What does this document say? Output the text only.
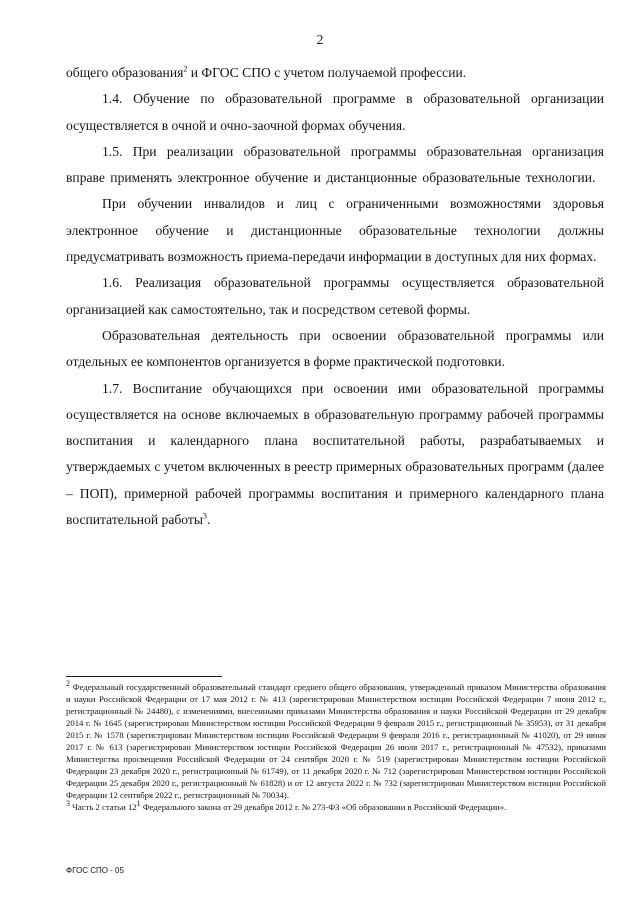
2

общего образования$^2$ и ФГОС СПО с учетом получаемой профессии.

1.4. Обучение по образовательной программе в образовательной организации осуществляется в очной и очно-заочной формах обучения.

1.5. При реализации образовательной программы образовательная организация вправе применять электронное обучение и дистанционные образовательные технологии.

При обучении инвалидов и лиц с ограниченными возможностями здоровья электронное обучение и дистанционные образовательные технологии должны предусматривать возможность приема-передачи информации в доступных для них формах.

1.6. Реализация образовательной программы осуществляется образовательной организацией как самостоятельно, так и посредством сетевой формы.

Образовательная деятельность при освоении образовательной программы или отдельных ее компонентов организуется в форме практической подготовки.

1.7. Воспитание обучающихся при освоении ими образовательной программы осуществляется на основе включаемых в образовательную программу рабочей программы воспитания и календарного плана воспитательной работы, разрабатываемых и утверждаемых с учетом включенных в реестр примерных образовательных программ (далее – ПОП), примерной рабочей программы воспитания и примерного календарного плана воспитательной работы$^3$.

$^2$ Федеральный государственный образовательный стандарт среднего общего образования, утвержденный приказом Министерства образования и науки Российской Федерации от 17 мая 2012 г. № 413 (зарегистрирован Министерством юстиции Российской Федерации 7 июня 2012 г., регистрационный № 24480), с изменениями, внесенными приказами Министерства образования и науки Российской Федерации от 29 декабря 2014 г. № 1645 (зарегистрирован Министерством юстиции Российской Федерации 9 февраля 2015 г., регистрационный № 35953), от 31 декабря 2015 г. № 1578 (зарегистрирован Министерством юстиции Российской Федерации 9 февраля 2016 г., регистрационный № 41020), от 29 июня 2017 г. № 613 (зарегистрирован Министерством юстиции Российской Федерации 26 июля 2017 г., регистрационный № 47532), приказами Министерства просвещения Российской Федерации от 24 сентября 2020 г. № 519 (зарегистрирован Министерством юстиции Российской Федерации 23 декабря 2020 г., регистрационный № 61749), от 11 декабря 2020 г. № 712 (зарегистрирован Министерством юстиции Российской Федерации 25 декабря 2020 г., регистрационный № 61828) и от 12 августа 2022 г. № 732 (зарегистрирован Министерством юстиции Российской Федерации 12 сентября 2022 г., регистрационный № 70034).

$^3$ Часть 2 статьи $12^1$ Федерального закона от 29 декабря 2012 г. № 273-ФЗ «Об образовании в Российской Федерации».

ФГОС СПО - 05
